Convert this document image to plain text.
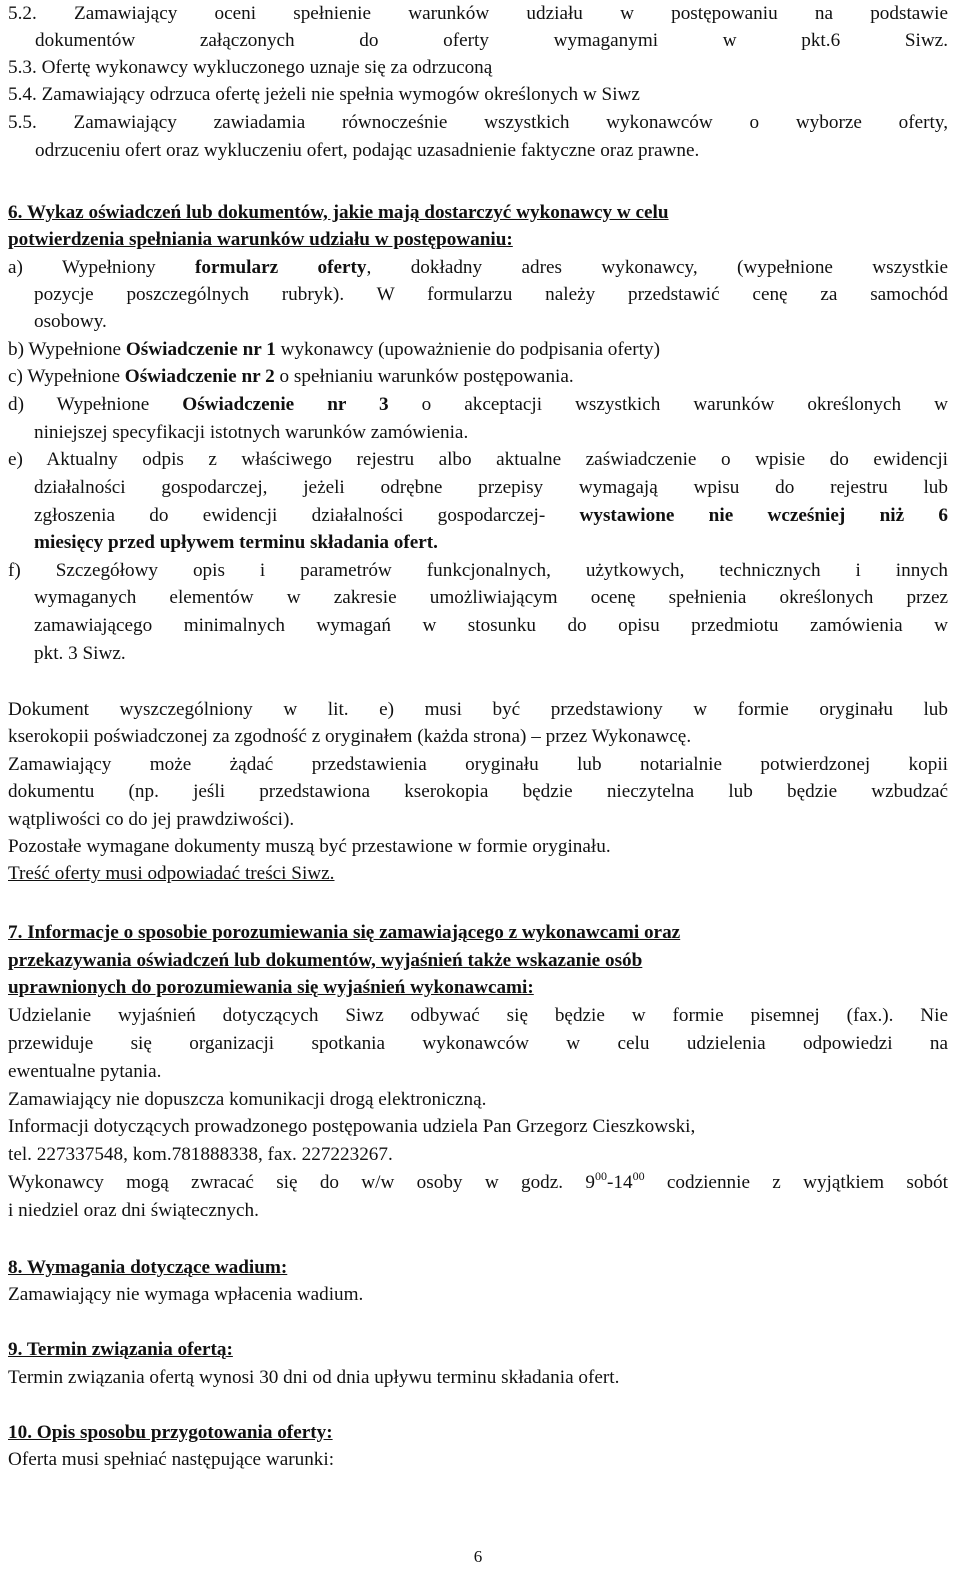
5.2. Zamawiający oceni spełnienie warunków udziału w postępowaniu na podstawie
dokumentów załączonych do oferty wymaganymi w pkt.6 Siwz.
5.3. Ofertę wykonawcy wykluczonego uznaje się za odrzuconą
5.4. Zamawiający odrzuca ofertę jeżeli nie spełnia wymogów określonych w Siwz
5.5. Zamawiający zawiadamia równocześnie wszystkich wykonawców o wyborze oferty,
odrzuceniu ofert oraz wykluczeniu ofert, podając uzasadnienie faktyczne oraz prawne.
6. Wykaz oświadczeń lub dokumentów, jakie mają dostarczyć wykonawcy w celu
potwierdzenia spełniania warunków udziału w postępowaniu:
a) Wypełniony formularz oferty, dokładny adres wykonawcy, (wypełnione wszystkie
pozycje poszczególnych rubryk). W formularzu należy przedstawić cenę za samochód
osobowy.
b) Wypełnione Oświadczenie nr 1 wykonawcy (upoważnienie do podpisania oferty)
c) Wypełnione Oświadczenie nr 2 o spełnianiu warunków postępowania.
d) Wypełnione Oświadczenie nr 3 o akceptacji wszystkich warunków określonych w
niniejszej specyfikacji istotnych warunków zamówienia.
e) Aktualny odpis z właściwego rejestru albo aktualne zaświadczenie o wpisie do ewidencji
działalności gospodarczej, jeżeli odrębne przepisy wymagają wpisu do rejestru lub
zgłoszenia do ewidencji działalności gospodarczej- wystawione nie wcześniej niż 6
miesięcy przed upływem terminu składania ofert.
f) Szczegółowy opis i parametrów funkcjonalnych, użytkowych, technicznych i innych
wymaganych elementów w zakresie umożliwiającym ocenę spełnienia określonych przez
zamawiającego minimalnych wymagań w stosunku do opisu przedmiotu zamówienia w
pkt. 3 Siwz.
Dokument wyszczególniony w lit. e) musi być przedstawiony w formie oryginału lub
kserokopii poświadczonej za zgodność z oryginałem (każda strona) – przez Wykonawcę.
Zamawiający może żądać przedstawienia oryginału lub notarialnie potwierdzonej kopii
dokumentu (np. jeśli przedstawiona kserokopia będzie nieczytelna lub będzie wzbudzać
wątpliwości co do jej prawdziwości).
Pozostałe wymagane dokumenty muszą być przestawione w formie oryginału.
Treść oferty musi odpowiadać treści Siwz.
7. Informacje o sposobie porozumiewania się zamawiającego z wykonawcami oraz
przekazywania oświadczeń lub dokumentów, wyjaśnień także wskazanie osób
uprawnionych do porozumiewania się wyjaśnień wykonawcami:
Udzielanie wyjaśnień dotyczących Siwz odbywać się będzie w formie pisemnej (fax.). Nie
przewiduje się organizacji spotkania wykonawców w celu udzielenia odpowiedzi na
ewentualne pytania.
Zamawiający nie dopuszcza komunikacji drogą elektroniczną.
Informacji dotyczących prowadzonego postępowania udziela Pan Grzegorz Cieszkowski,
tel. 227337548, kom.781888338, fax. 227223267.
Wykonawcy mogą zwracać się do w/w osoby w godz. $9^{00}-14^{00}$ codziennie z wyjątkiem sobót
i niedziel oraz dni świątecznych.
8. Wymagania dotyczące wadium:
Zamawiający nie wymaga wpłacenia wadium.
9. Termin związania ofertą:
Termin związania ofertą wynosi 30 dni od dnia upływu terminu składania ofert.
10. Opis sposobu przygotowania oferty:
Oferta musi spełniać następujące warunki:
6
